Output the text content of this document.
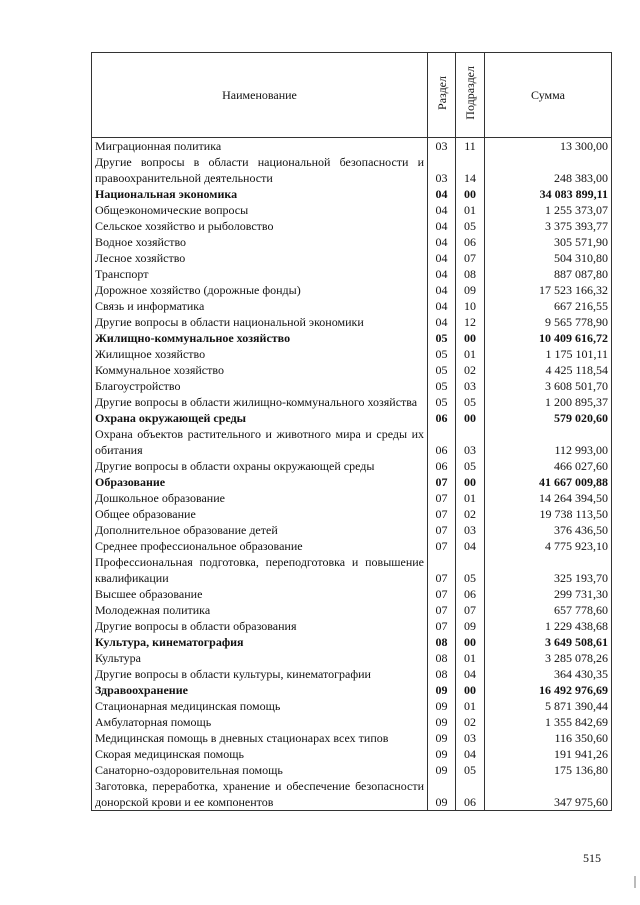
Наименование	Раздел	Подраздел	Сумма
Миграционная политика	03	11	13 300,00
Другие вопросы в области национальной безопасности и правоохранительной деятельности	03	14	248 383,00
Национальная экономика	04	00	34 083 899,11
Общеэкономические вопросы	04	01	1 255 373,07
Сельское хозяйство и рыболовство	04	05	3 375 393,77
Водное хозяйство	04	06	305 571,90
Лесное хозяйство	04	07	504 310,80
Транспорт	04	08	887 087,80
Дорожное хозяйство (дорожные фонды)	04	09	17 523 166,32
Связь и информатика	04	10	667 216,55
Другие вопросы в области национальной экономики	04	12	9 565 778,90
Жилищно-коммунальное хозяйство	05	00	10 409 616,72
Жилищное хозяйство	05	01	1 175 101,11
Коммунальное хозяйство	05	02	4 425 118,54
Благоустройство	05	03	3 608 501,70
Другие вопросы в области жилищно-коммунального хозяйства	05	05	1 200 895,37
Охрана окружающей среды	06	00	579 020,60
Охрана объектов растительного и животного мира и среды их обитания	06	03	112 993,00
Другие вопросы в области охраны окружающей среды	06	05	466 027,60
Образование	07	00	41 667 009,88
Дошкольное образование	07	01	14 264 394,50
Общее образование	07	02	19 738 113,50
Дополнительное образование детей	07	03	376 436,50
Среднее профессиональное образование	07	04	4 775 923,10
Профессиональная подготовка, переподготовка и повышение квалификации	07	05	325 193,70
Высшее образование	07	06	299 731,30
Молодежная политика	07	07	657 778,60
Другие вопросы в области образования	07	09	1 229 438,68
Культура, кинематография	08	00	3 649 508,61
Культура	08	01	3 285 078,26
Другие вопросы в области культуры, кинематографии	08	04	364 430,35
Здравоохранение	09	00	16 492 976,69
Стационарная медицинская помощь	09	01	5 871 390,44
Амбулаторная помощь	09	02	1 355 842,69
Медицинская помощь в дневных стационарах всех типов	09	03	116 350,60
Скорая медицинская помощь	09	04	191 941,26
Санаторно-оздоровительная помощь	09	05	175 136,80
Заготовка, переработка, хранение и обеспечение безопасности донорской крови и ее компонентов	09	06	347 975,60
515
